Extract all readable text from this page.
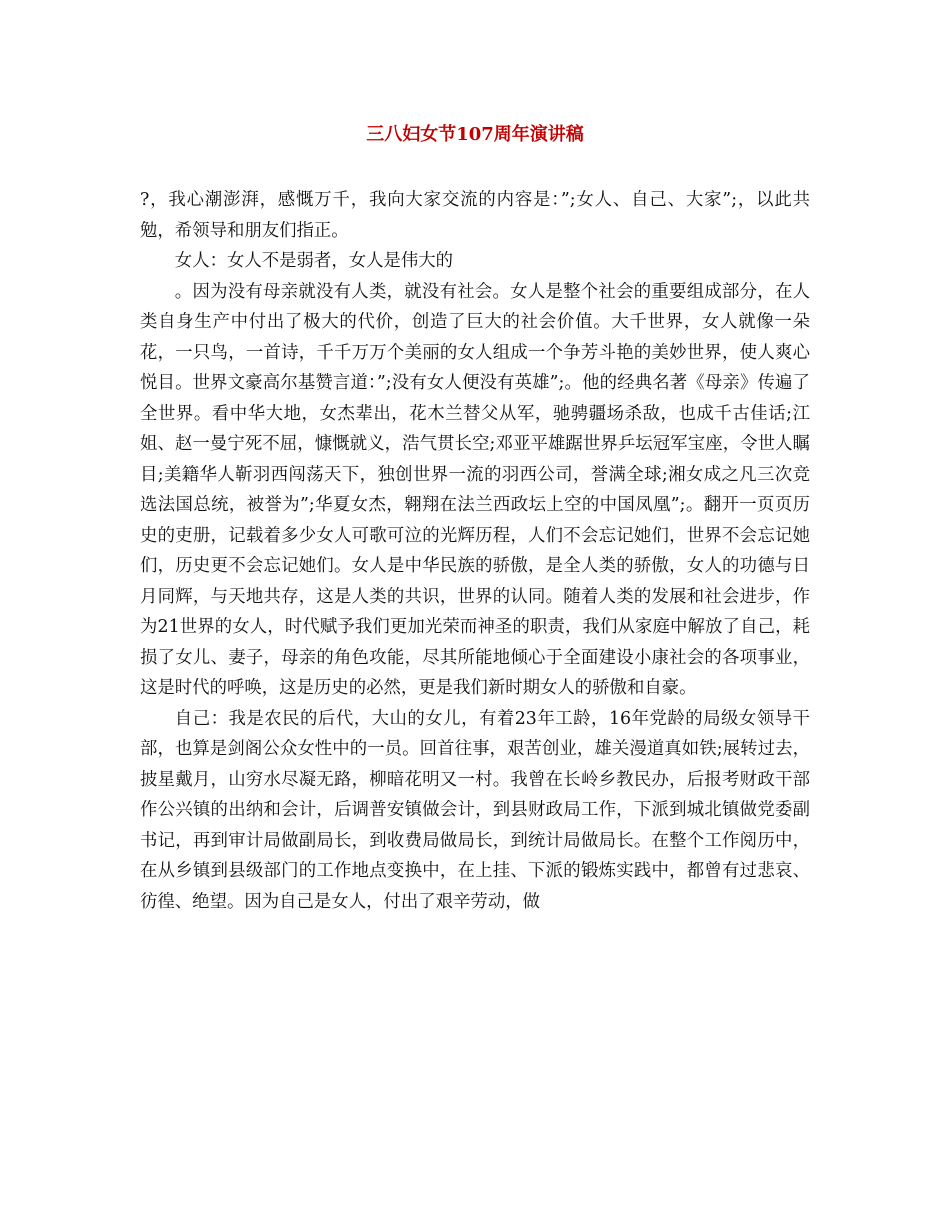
三八妇女节107周年演讲稿

?，我心潮澎湃，感慨万千，我向大家交流的内容是：”;女人、自己、大家”;，以此共勉，希领导和朋友们指正。

女人：女人不是弱者，女人是伟大的

。因为没有母亲就没有人类，就没有社会。女人是整个社会的重要组成部分，在人类自身生产中付出了极大的代价，创造了巨大的社会价值。大千世界，女人就像一朵花，一只鸟，一首诗，千千万万个美丽的女人组成一个争芳斗艳的美妙世界，使人爽心悦目。世界文豪高尔基赞言道：”;没有女人便没有英雄”;。他的经典名著《母亲》传遍了全世界。看中华大地，女杰辈出，花木兰替父从军，驰骋疆场杀敌，也成千古佳话;江姐、赵一曼宁死不屈，慷慨就义，浩气贯长空;邓亚平雄踞世界乒坛冠军宝座，令世人瞩目;美籍华人靳羽西闯荡天下，独创世界一流的羽西公司，誉满全球;湘女成之凡三次竞选法国总统，被誉为”;华夏女杰，翱翔在法兰西政坛上空的中国凤凰”;。翻开一页页历史的吏册，记载着多少女人可歌可泣的光辉历程，人们不会忘记她们，世界不会忘记她们，历史更不会忘记她们。女人是中华民族的骄傲，是全人类的骄傲，女人的功德与日月同辉，与天地共存，这是人类的共识，世界的认同。随着人类的发展和社会进步，作为21世界的女人，时代赋予我们更加光荣而神圣的职责，我们从家庭中解放了自己，耗损了女儿、妻子，母亲的角色攻能，尽其所能地倾心于全面建设小康社会的各项事业，这是时代的呼唤，这是历史的必然，更是我们新时期女人的骄傲和自豪。

自己：我是农民的后代，大山的女儿，有着23年工龄，16年党龄的局级女领导干部，也算是剑阁公众女性中的一员。回首往事，艰苦创业，雄关漫道真如铁;展转过去，披星戴月，山穷水尽凝无路，柳暗花明又一村。我曾在长岭乡教民办，后报考财政干部作公兴镇的出纳和会计，后调普安镇做会计，到县财政局工作，下派到城北镇做党委副书记，再到审计局做副局长，到收费局做局长，到统计局做局长。在整个工作阅历中，在从乡镇到县级部门的工作地点变换中，在上挂、下派的锻炼实践中，都曾有过悲哀、彷徨、绝望。因为自己是女人，付出了艰辛劳动，做
